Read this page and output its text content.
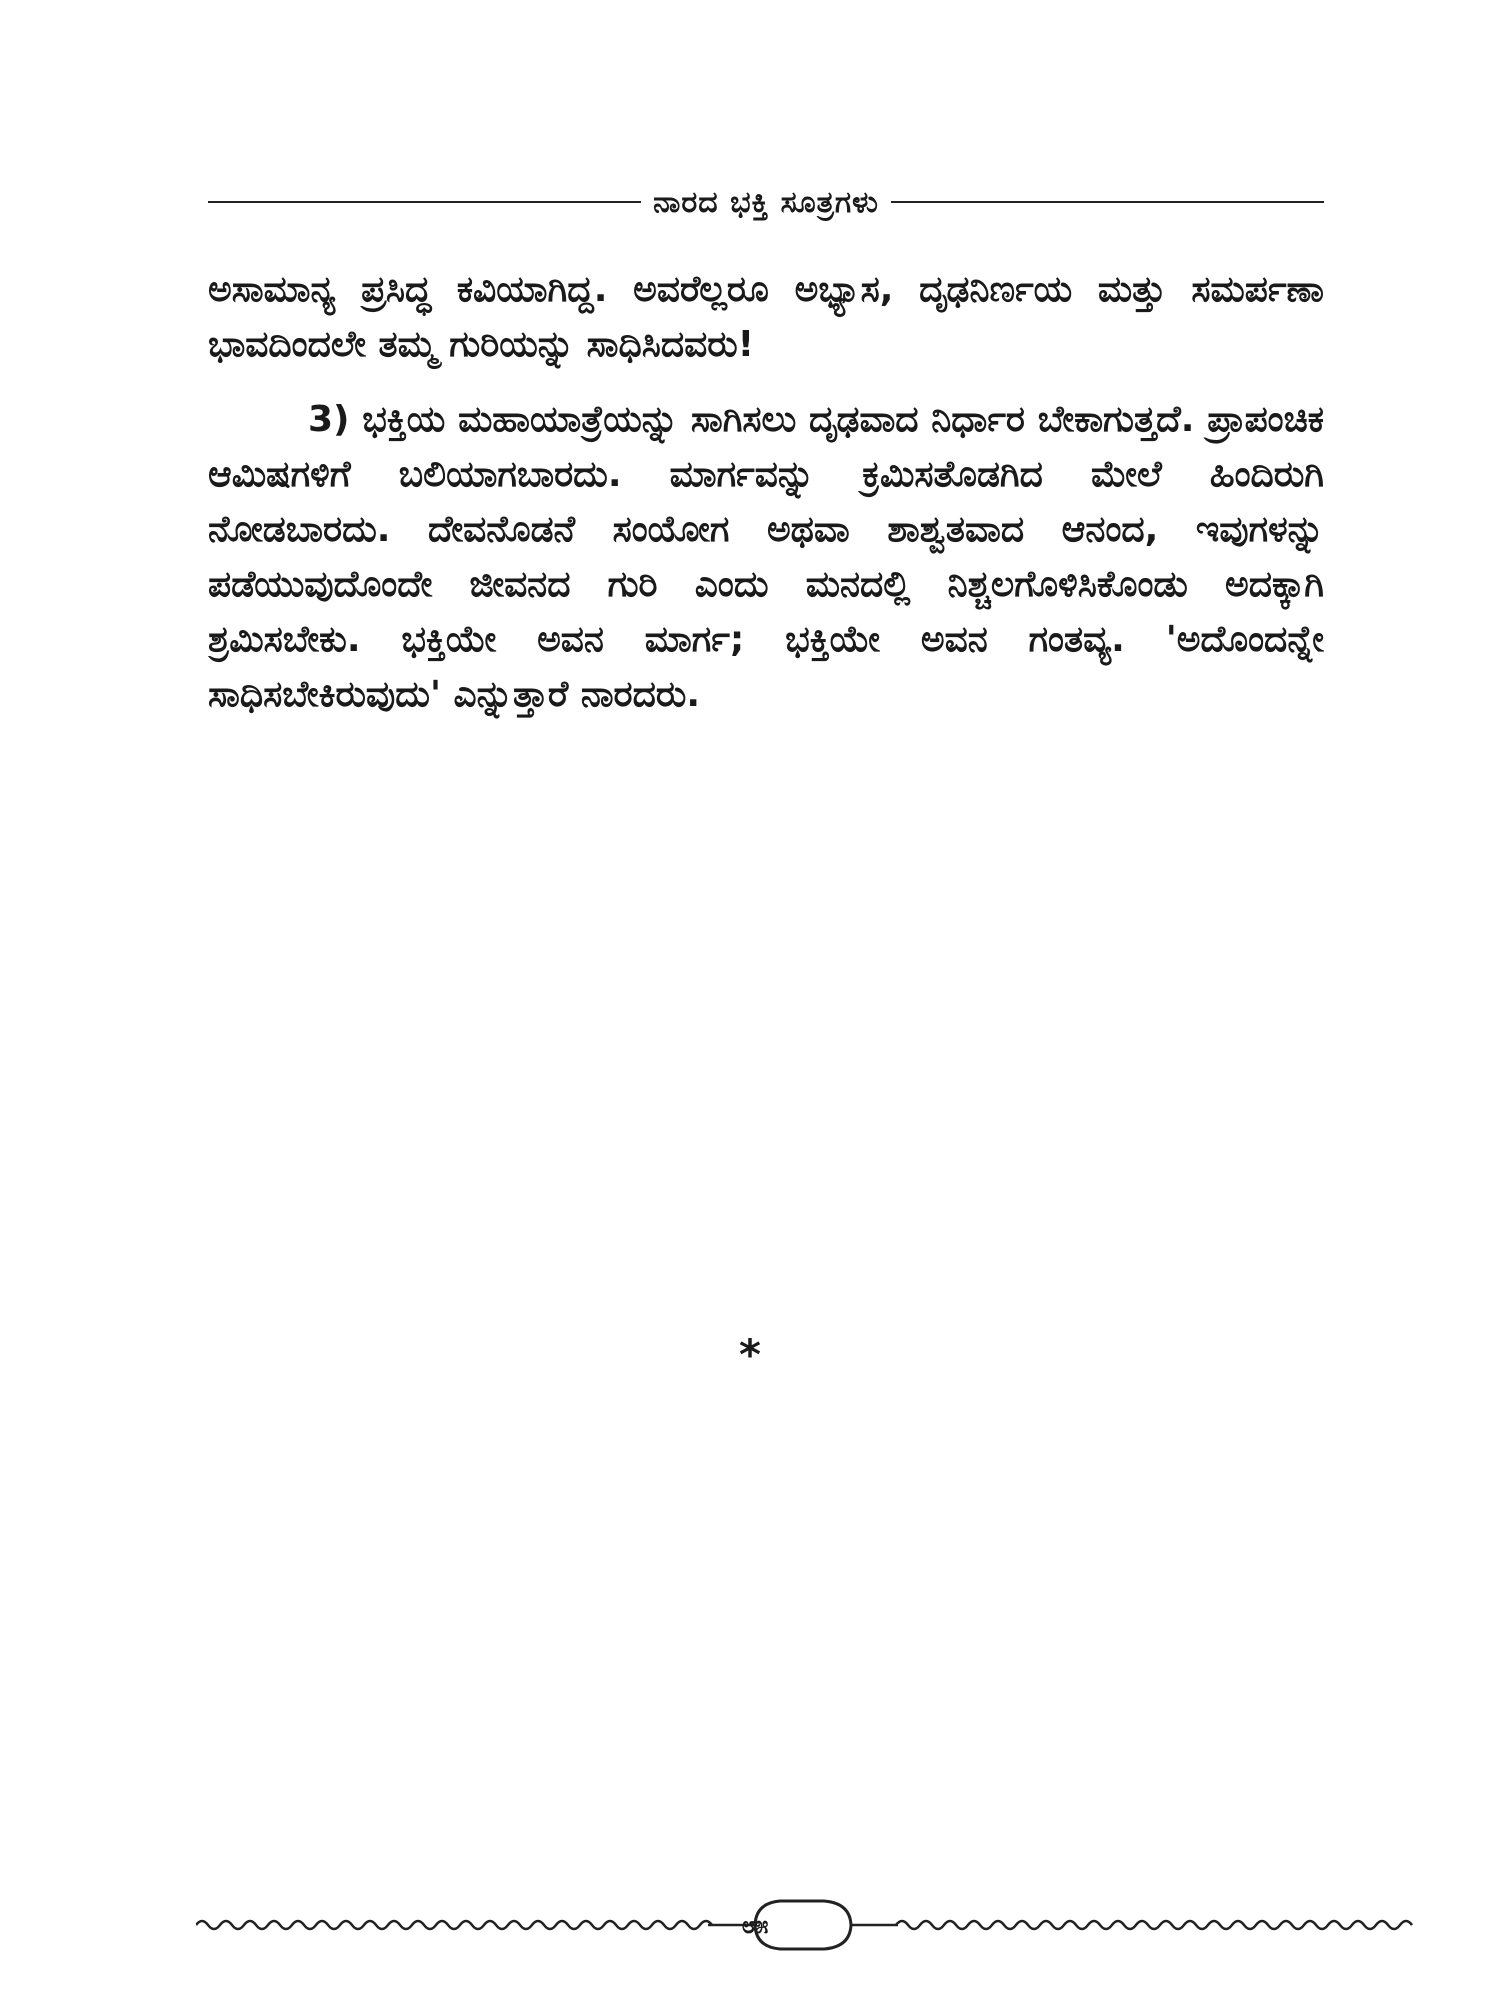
ನಾರದ ಭಕ್ತಿ ಸೂತ್ರಗಳು

ಅಸಾಮಾನ್ಯ ಪ್ರಸಿದ್ಧ ಕವಿಯಾಗಿದ್ದ. ಅವರೆಲ್ಲರೂ ಅಭ್ಯಾಸ, ದೃಢನಿರ್ಣಯ ಮತ್ತು ಸಮರ್ಪಣಾ ಭಾವದಿಂದಲೇ ತಮ್ಮ ಗುರಿಯನ್ನು ಸಾಧಿಸಿದವರು!

3) ಭಕ್ತಿಯ ಮಹಾಯಾತ್ರೆಯನ್ನು ಸಾಗಿಸಲು ದೃಢವಾದ ನಿರ್ಧಾರ ಬೇಕಾಗುತ್ತದೆ. ಪ್ರಾಪಂಚಿಕ ಆಮಿಷಗಳಿಗೆ ಬಲಿಯಾಗಬಾರದು. ಮಾರ್ಗವನ್ನು ಕ್ರಮಿಸತೊಡಗಿದ ಮೇಲೆ ಹಿಂದಿರುಗಿ ನೋಡಬಾರದು. ದೇವನೊಡನೆ ಸಂಯೋಗ ಅಥವಾ ಶಾಶ್ವತವಾದ ಆನಂದ, ಇವುಗಳನ್ನು ಪಡೆಯುವುದೊಂದೇ ಜೀವನದ ಗುರಿ ಎಂದು ಮನದಲ್ಲಿ ನಿಶ್ಚಲಗೊಳಿಸಿಕೊಂಡು ಅದಕ್ಕಾಗಿ ಶ್ರಮಿಸಬೇಕು. ಭಕ್ತಿಯೇ ಅವನ ಮಾರ್ಗ; ಭಕ್ತಿಯೇ ಅವನ ಗಂತವ್ಯ. 'ಅದೊಂದನ್ನೇ ಸಾಧಿಸಬೇಕಿರುವುದು' ಎನ್ನುತ್ತಾರೆ ನಾರದರು.

*
೮೫
